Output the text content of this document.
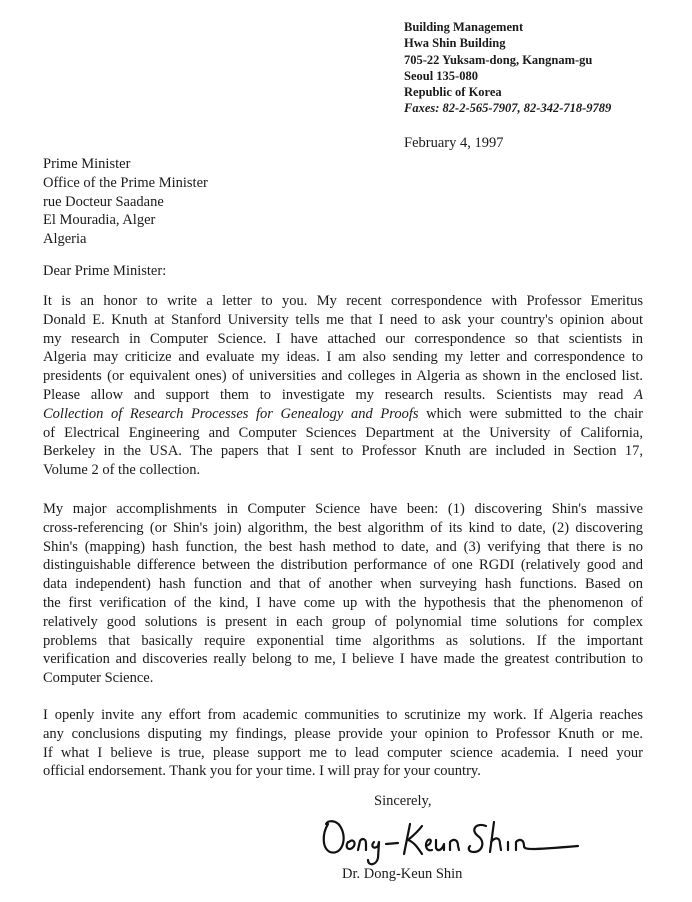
Building Management
Hwa Shin Building
705-22 Yuksam-dong, Kangnam-gu
Seoul 135-080
Republic of Korea
Faxes: 82-2-565-7907, 82-342-718-9789
February 4, 1997
Prime Minister
Office of the Prime Minister
rue Docteur Saadane
El Mouradia, Alger
Algeria
Dear Prime Minister:
It is an honor to write a letter to you. My recent correspondence with Professor Emeritus
Donald E. Knuth at Stanford University tells me that I need to ask your country's opinion about
my research in Computer Science. I have attached our correspondence so that scientists in
Algeria may criticize and evaluate my ideas. I am also sending my letter and correspondence to
presidents (or equivalent ones) of universities and colleges in Algeria as shown in the enclosed list.
Please allow and support them to investigate my research results. Scientists may read A
Collection of Research Processes for Genealogy and Proofs which were submitted to the chair
of Electrical Engineering and Computer Sciences Department at the University of California,
Berkeley in the USA. The papers that I sent to Professor Knuth are included in Section 17,
Volume 2 of the collection.
My major accomplishments in Computer Science have been: (1) discovering Shin's massive
cross-referencing (or Shin's join) algorithm, the best algorithm of its kind to date, (2) discovering
Shin's (mapping) hash function, the best hash method to date, and (3) verifying that there is no
distinguishable difference between the distribution performance of one RGDI (relatively good and
data independent) hash function and that of another when surveying hash functions. Based on
the first verification of the kind, I have come up with the hypothesis that the phenomenon of
relatively good solutions is present in each group of polynomial time solutions for complex
problems that basically require exponential time algorithms as solutions. If the important
verification and discoveries really belong to me, I believe I have made the greatest contribution to
Computer Science.
I openly invite any effort from academic communities to scrutinize my work. If Algeria reaches
any conclusions disputing my findings, please provide your opinion to Professor Knuth or me.
If what I believe is true, please support me to lead computer science academia. I need your
official endorsement. Thank you for your time. I will pray for your country.
Sincerely,
Dr. Dong-Keun Shin
